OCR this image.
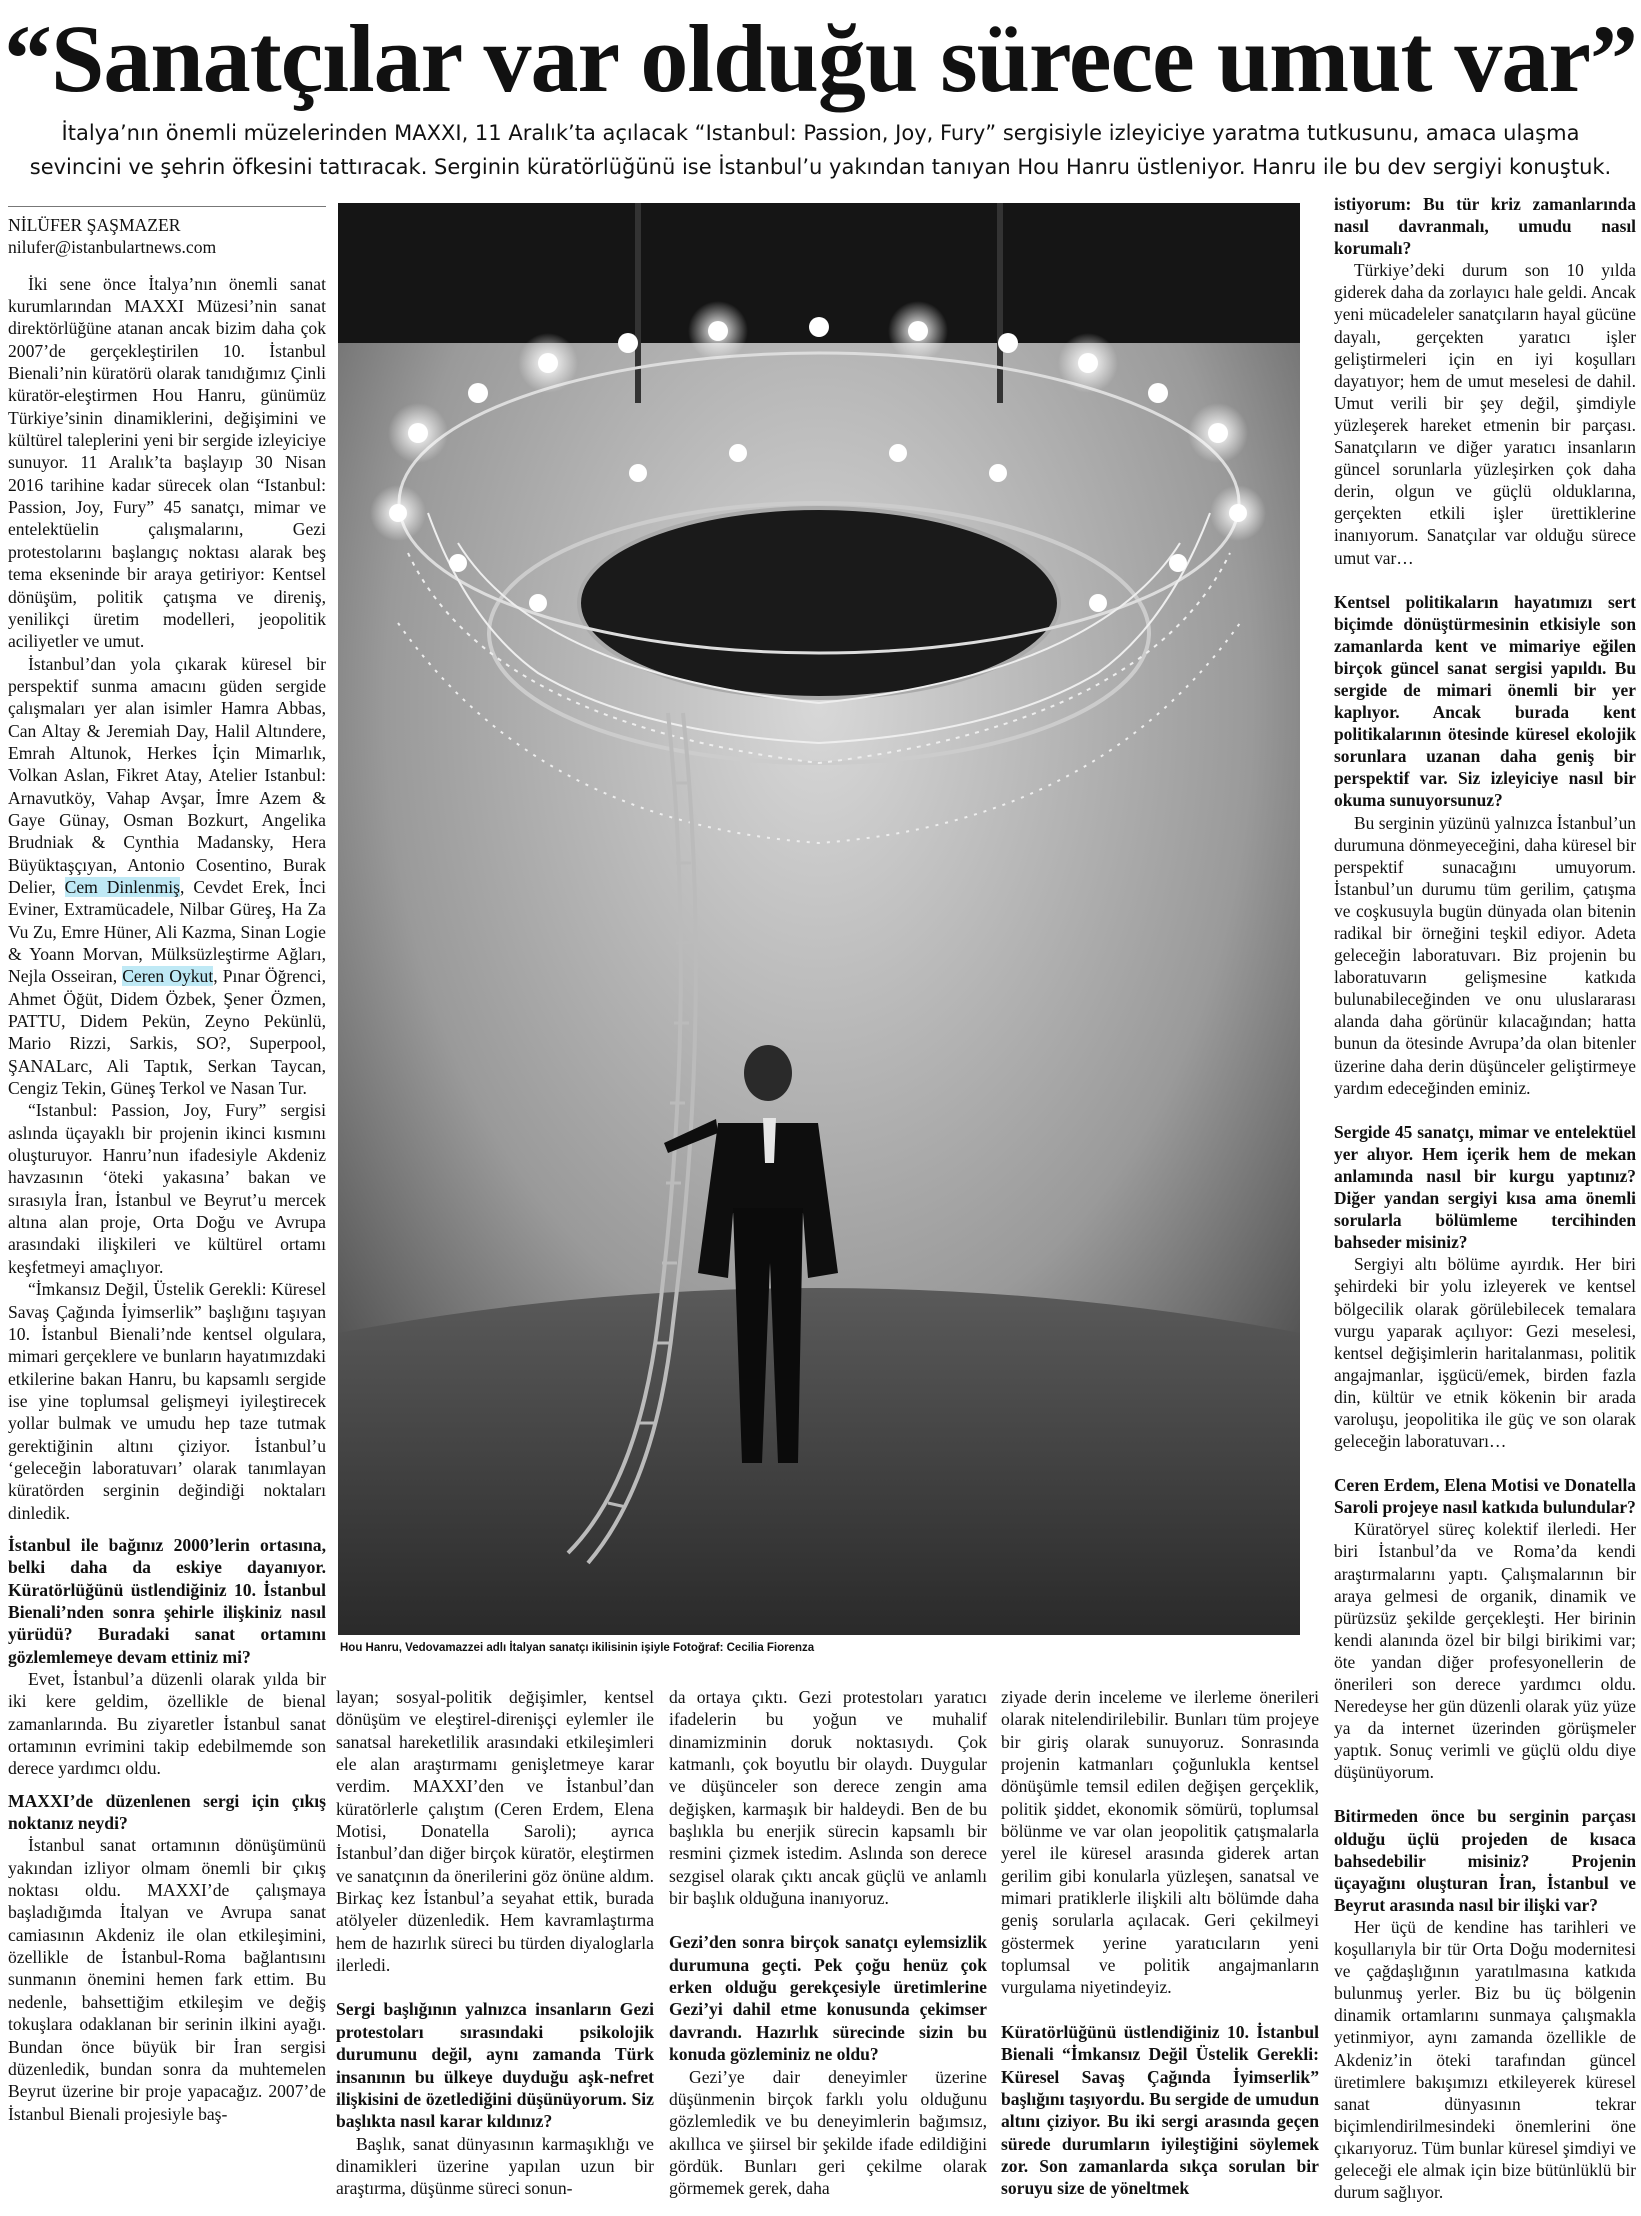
“Sanatçılar var olduğu sürece umut var”
İtalya’nın önemli müzelerinden MAXXI, 11 Aralık’ta açılacak “Istanbul: Passion, Joy, Fury” sergisiyle izleyiciye yaratma tutkusunu, amaca ulaşma sevincini ve şehrin öfkesini tattıracak. Serginin küratörlüğünü ise İstanbul’u yakından tanıyan Hou Hanru üstleniyor. Hanru ile bu dev sergiyi konuştuk.

NİLÜFER ŞAŞMAZER

nilufer@istanbulartnews.com

İki sene önce İtalya’nın önemli sanat kurumlarından MAXXI Müzesi’nin sanat direktörlüğüne atanan ancak bizim daha çok 2007’de gerçekleştirilen 10. İstanbul Bienali’nin küratörü olarak tanıdığımız Çinli küratör-eleştirmen Hou Hanru, günümüz Türkiye’sinin dinamiklerini, değişimini ve kültürel taleplerini yeni bir sergide izleyiciye sunuyor. 11 Aralık’ta başlayıp 30 Nisan 2016 tarihine kadar sürecek olan “Istanbul: Passion, Joy, Fury” 45 sanatçı, mimar ve entelektüelin çalışmalarını, Gezi protestolarını başlangıç noktası alarak beş tema ekseninde bir araya getiriyor: Kentsel dönüşüm, politik çatışma ve direniş, yenilikçi üretim modelleri, jeopolitik aciliyetler ve umut.

İstanbul’dan yola çıkarak küresel bir perspektif sunma amacını güden sergide çalışmaları yer alan isimler Hamra Abbas, Can Altay & Jeremiah Day, Halil Altındere, Emrah Altunok, Herkes İçin Mimarlık, Volkan Aslan, Fikret Atay, Atelier Istanbul: Arnavutköy, Vahap Avşar, İmre Azem & Gaye Günay, Osman Bozkurt, Angelika Brudniak & Cynthia Madansky, Hera Büyüktaşçıyan, Antonio Cosentino, Burak Delier, Cem Dinlenmiş, Cevdet Erek, İnci Eviner, Extramücadele, Nilbar Güreş, Ha Za Vu Zu, Emre Hüner, Ali Kazma, Sinan Logie & Yoann Morvan, Mülksüzleştirme Ağları, Nejla Osseiran, Ceren Oykut, Pınar Öğrenci, Ahmet Öğüt, Didem Özbek, Şener Özmen, PATTU, Didem Pekün, Zeyno Pekünlü, Mario Rizzi, Sarkis, SO?, Superpool, ŞANALarc, Ali Taptık, Serkan Taycan, Cengiz Tekin, Güneş Terkol ve Nasan Tur.

“Istanbul: Passion, Joy, Fury” sergisi aslında üçayaklı bir projenin ikinci kısmını oluşturuyor. Hanru’nun ifadesiyle Akdeniz havzasının ‘öteki yakasına’ bakan ve sırasıyla İran, İstanbul ve Beyrut’u mercek altına alan proje, Orta Doğu ve Avrupa arasındaki ilişkileri ve kültürel ortamı keşfetmeyi amaçlıyor.

“İmkansız Değil, Üstelik Gerekli: Küresel Savaş Çağında İyimserlik” başlığını taşıyan 10. İstanbul Bienali’nde kentsel olgulara, mimari gerçeklere ve bunların hayatımızdaki etkilerine bakan Hanru, bu kapsamlı sergide ise yine toplumsal gelişmeyi iyileştirecek yollar bulmak ve umudu hep taze tutmak gerektiğinin altını çiziyor. İstanbul’u ‘geleceğin laboratuvarı’ olarak tanımlayan küratörden serginin değindiği noktaları dinledik.

İstanbul ile bağınız 2000’lerin ortasına, belki daha da eskiye dayanıyor. Küratörlüğünü üstlendiğiniz 10. İstanbul Bienali’nden sonra şehirle ilişkiniz nasıl yürüdü? Buradaki sanat ortamını gözlemlemeye devam ettiniz mi?

Evet, İstanbul’a düzenli olarak yılda bir iki kere geldim, özellikle de bienal zamanlarında. Bu ziyaretler İstanbul sanat ortamının evrimini takip edebilmemde son derece yardımcı oldu.

MAXXI’de düzenlenen sergi için çıkış noktanız neydi?

İstanbul sanat ortamının dönüşümünü yakından izliyor olmam önemli bir çıkış noktası oldu. MAXXI’de çalışmaya başladığımda İtalyan ve Avrupa sanat camiasının Akdeniz ile olan etkileşimini, özellikle de İstanbul-Roma bağlantısını sunmanın önemini hemen fark ettim. Bu nedenle, bahsettiğim etkileşim ve değiş tokuşlara odaklanan bir serinin ilkini ayağı. Bundan önce büyük bir İran sergisi düzenledik, bundan sonra da muhtemelen Beyrut üzerine bir proje yapacağız. 2007’de İstanbul Bienali projesiyle baş-

Hou Hanru, Vedovamazzei adlı İtalyan sanatçı ikilisinin işiyle Fotoğraf: Cecilia Fiorenza

layan; sosyal-politik değişimler, kentsel dönüşüm ve eleştirel-direnişçi eylemler ile sanatsal hareketlilik arasındaki etkileşimleri ele alan araştırmamı genişletmeye karar verdim. MAXXI’den ve İstanbul’dan küratörlerle çalıştım (Ceren Erdem, Elena Motisi, Donatella Saroli); ayrıca İstanbul’dan diğer birçok küratör, eleştirmen ve sanatçının da önerilerini göz önüne aldım. Birkaç kez İstanbul’a seyahat ettik, burada atölyeler düzenledik. Hem kavramlaştırma hem de hazırlık süreci bu türden diyaloglarla ilerledi.

Sergi başlığının yalnızca insanların Gezi protestoları sırasındaki psikolojik durumunu değil, aynı zamanda Türk insanının bu ülkeye duyduğu aşk-nefret ilişkisini de özetlediğini düşünüyorum. Siz başlıkta nasıl karar kıldınız?

Başlık, sanat dünyasının karmaşıklığı ve dinamikleri üzerine yapılan uzun bir araştırma, düşünme süreci sonun-

da ortaya çıktı. Gezi protestoları yaratıcı ifadelerin bu yoğun ve muhalif dinamizminin doruk noktasıydı. Çok katmanlı, çok boyutlu bir olaydı. Duygular ve düşünceler son derece zengin ama değişken, karmaşık bir haldeydi. Ben de bu başlıkla bu enerjik sürecin kapsamlı bir resmini çizmek istedim. Aslında son derece sezgisel olarak çıktı ancak güçlü ve anlamlı bir başlık olduğuna inanıyoruz.

Gezi’den sonra birçok sanatçı eylemsizlik durumuna geçti. Pek çoğu henüz çok erken olduğu gerekçesiyle üretimlerine Gezi’yi dahil etme konusunda çekimser davrandı. Hazırlık sürecinde sizin bu konuda gözleminiz ne oldu?

Gezi’ye dair deneyimler üzerine düşünmenin birçok farklı yolu olduğunu gözlemledik ve bu deneyimlerin bağımsız, akıllıca ve şiirsel bir şekilde ifade edildiğini gördük. Bunları geri çekilme olarak görmemek gerek, daha

ziyade derin inceleme ve ilerleme önerileri olarak nitelendirilebilir. Bunları tüm projeye bir giriş olarak sunuyoruz. Sonrasında projenin katmanları çoğunlukla kentsel dönüşümle temsil edilen değişen gerçeklik, politik şiddet, ekonomik sömürü, toplumsal bölünme ve var olan jeopolitik çatışmalarla yerel ile küresel arasında giderek artan gerilim gibi konularla yüzleşen, sanatsal ve mimari pratiklerle ilişkili altı bölümde daha geniş sorularla açılacak. Geri çekilmeyi göstermek yerine yaratıcıların yeni toplumsal ve politik angajmanların vurgulama niyetindeyiz.

Küratörlüğünü üstlendiğiniz 10. İstanbul Bienali “İmkansız Değil Üstelik Gerekli: Küresel Savaş Çağında İyimserlik” başlığını taşıyordu. Bu sergide de umudun altını çiziyor. Bu iki sergi arasında geçen sürede durumların iyileştiğini söylemek zor. Son zamanlarda sıkça sorulan bir soruyu size de yöneltmek

istiyorum: Bu tür kriz zamanlarında nasıl davranmalı, umudu nasıl korumalı?

Türkiye’deki durum son 10 yılda giderek daha da zorlayıcı hale geldi. Ancak yeni mücadeleler sanatçıların hayal gücüne dayalı, gerçekten yaratıcı işler geliştirmeleri için en iyi koşulları dayatıyor; hem de umut meselesi de dahil. Umut verili bir şey değil, şimdiyle yüzleşerek hareket etmenin bir parçası. Sanatçıların ve diğer yaratıcı insanların güncel sorunlarla yüzleşirken çok daha derin, olgun ve güçlü olduklarına, gerçekten etkili işler ürettiklerine inanıyorum. Sanatçılar var olduğu sürece umut var…

Kentsel politikaların hayatımızı sert biçimde dönüştürmesinin etkisiyle son zamanlarda kent ve mimariye eğilen birçok güncel sanat sergisi yapıldı. Bu sergide de mimari önemli bir yer kaplıyor. Ancak burada kent politikalarının ötesinde küresel ekolojik sorunlara uzanan daha geniş bir perspektif var. Siz izleyiciye nasıl bir okuma sunuyorsunuz?

Bu serginin yüzünü yalnızca İstanbul’un durumuna dönmeyeceğini, daha küresel bir perspektif sunacağını umuyorum. İstanbul’un durumu tüm gerilim, çatışma ve coşkusuyla bugün dünyada olan bitenin radikal bir örneğini teşkil ediyor. Adeta geleceğin laboratuvarı. Biz projenin bu laboratuvarın gelişmesine katkıda bulunabileceğinden ve onu uluslararası alanda daha görünür kılacağından; hatta bunun da ötesinde Avrupa’da olan bitenler üzerine daha derin düşünceler geliştirmeye yardım edeceğinden eminiz.

Sergide 45 sanatçı, mimar ve entelektüel yer alıyor. Hem içerik hem de mekan anlamında nasıl bir kurgu yaptınız? Diğer yandan sergiyi kısa ama önemli sorularla bölümleme tercihinden bahseder misiniz?

Sergiyi altı bölüme ayırdık. Her biri şehirdeki bir yolu izleyerek ve kentsel bölgecilik olarak görülebilecek temalara vurgu yaparak açılıyor: Gezi meselesi, kentsel değişimlerin haritalanması, politik angajmanlar, işgücü/emek, birden fazla din, kültür ve etnik kökenin bir arada varoluşu, jeopolitika ile güç ve son olarak geleceğin laboratuvarı…

Ceren Erdem, Elena Motisi ve Donatella Saroli projeye nasıl katkıda bulundular?

Küratöryel süreç kolektif ilerledi. Her biri İstanbul’da ve Roma’da kendi araştırmalarını yaptı. Çalışmalarının bir araya gelmesi de organik, dinamik ve pürüzsüz şekilde gerçekleşti. Her birinin kendi alanında özel bir bilgi birikimi var; öte yandan diğer profesyonellerin de önerileri son derece yardımcı oldu. Neredeyse her gün düzenli olarak yüz yüze ya da internet üzerinden görüşmeler yaptık. Sonuç verimli ve güçlü oldu diye düşünüyorum.

Bitirmeden önce bu serginin parçası olduğu üçlü projeden de kısaca bahsedebilir misiniz? Projenin üçayağını oluşturan İran, İstanbul ve Beyrut arasında nasıl bir ilişki var?

Her üçü de kendine has tarihleri ve koşullarıyla bir tür Orta Doğu modernitesi ve çağdaşlığının yaratılmasına katkıda bulunmuş yerler. Biz bu üç bölgenin dinamik ortamlarını sunmaya çalışmakla yetinmiyor, aynı zamanda özellikle de Akdeniz’in öteki tarafından güncel üretimlere bakışımızı etkileyerek küresel sanat dünyasının tekrar biçimlendirilmesindeki önemlerini öne çıkarıyoruz. Tüm bunlar küresel şimdiyi ve geleceği ele almak için bize bütünlüklü bir durum sağlıyor.
